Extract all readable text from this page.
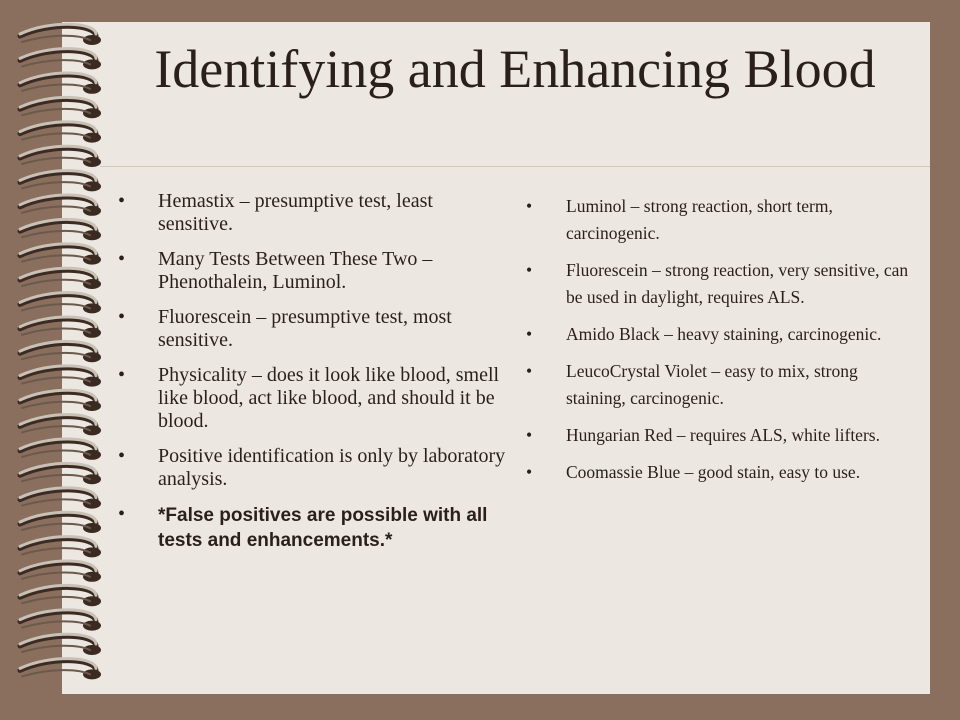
Identifying and Enhancing Blood
• Hemastix – presumptive test, least sensitive.
• Many Tests Between These Two – Phenothalein, Luminol.
• Fluorescein – presumptive test, most sensitive.
• Physicality – does it look like blood, smell like blood, act like blood, and should it be blood.
• Positive identification is only by laboratory analysis.
• *False positives are possible with all tests and enhancements.*
• Luminol – strong reaction, short term, carcinogenic.
• Fluorescein – strong reaction, very sensitive, can be used in daylight, requires ALS.
• Amido Black – heavy staining, carcinogenic.
• LeucoCrystal Violet – easy to mix, strong staining, carcinogenic.
• Hungarian Red – requires ALS, white lifters.
• Coomassie Blue – good stain, easy to use.
